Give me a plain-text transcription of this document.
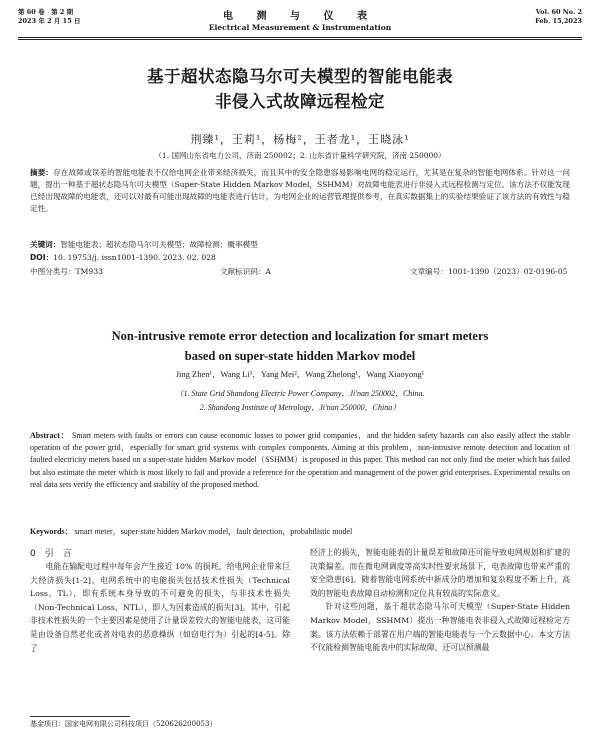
第 60 卷　第 2 期
2023 年 2 月 15 日	电 测 与 仪 表
Electrical Measurement & Instrumentation
Vol. 60 No. 2
Feb. 15,2023
基于超状态隐马尔可夫模型的智能电能表
非侵入式故障远程检定
荆臻¹，王莉¹，杨梅²，王者龙¹，王晓泳¹
（1. 国网山东省电力公司，济南 250002；2. 山东省计量科学研究院，济南 250000）
摘要：存在故障或误差的智能电能表不仅给电网企业带来经济损失，而且其中的安全隐患容易影响电网的稳定运行，尤其是在复杂的智能电网体系。针对这一问题，提出一种基于超状态隐马尔可夫模型（Super-State Hidden Markov Model，SSHMM）对故障电能表进行非侵入式远程检测与定位。该方法不仅能发现已经出现故障的电能表，还可以对最有可能出现故障的电能表进行估计，为电网企业的运营管理提供参考，在真实数据集上的实验结果验证了该方法的有效性与稳定性。
关键词：智能电能表；超状态隐马尔可夫模型；故障检测；概率模型
DOI：10. 19753/j. issn1001-1390. 2023. 02. 028
中图分类号：TM933	文献标识码：A	文章编号：1001-1390（2023）02-0196-05
Non-intrusive remote error detection and localization for smart meters
based on super-state hidden Markov model
Jing Zhen¹，Wang Li¹，Yang Mei²，Wang Zhelong¹，Wang Xiaoyong¹
（1. State Grid Shandong Electric Power Company，Ji'nan 250002，China.
2. Shandong Institute of Metrology，Ji'nan 250000，China）
Abstract： Smart meters with faults or errors can cause economic losses to power grid companies，and the hidden safety hazards can also easily affect the stable operation of the power grid，especially for smart grid systems with complex components. Aiming at this problem，non-intrusive remote detection and location of faulted electricity meters based on a super-state hidden Markov model（SSHMM）is proposed in this paper. This method can not only find the meter which has failed but also estimate the meter which is most likely to fail and provide a reference for the operation and management of the power grid enterprises. Experimental results on real data sets verify the efficiency and stability of the proposed method.
Keywords： smart meter，super-state hidden Markov model，fault detection，probabilistic model
0　引　言

电能在输配电过程中每年会产生接近 10% 的损耗，给电网企业带来巨大经济损失[1-2]。电网系统中的电能损失包括技术性损失（Technical Loss，TL），即有系统本身导致的不可避免的损失，与非技术性损失（Non-Technical Loss，NTL），即人为因素造成的损失[3]。其中，引起非技术性损失的一个主要因素是使用了计量误差较大的智能电能表，这可能是由设备自然老化或者对电表的恶意操纵（如窃电行为）引起的[4-5]。除了

经济上的损失，智能电能表的计量误差和故障还可能导致电网规划和扩建的决策偏差。而在微电网调度等高实时性要求场景下，电表故障也带来严重的安全隐患[6]。随着智能电网系统中新成分的增加和复杂程度不断上升，高效的智能电表故障自动检测和定位具有较高的实际意义。

针对这些问题，基于超状态隐马尔可夫模型（Super-State Hidden Markov Model，SSHMM）提出一种智能电表非侵入式故障远程检定方案。该方法依赖于部署在用户端的智能电能表与一个云数据中心。本文方法不仅能检测智能电能表中的实际故障，还可以预测最

基金项目：国家电网有限公司科技项目（520626200053）
